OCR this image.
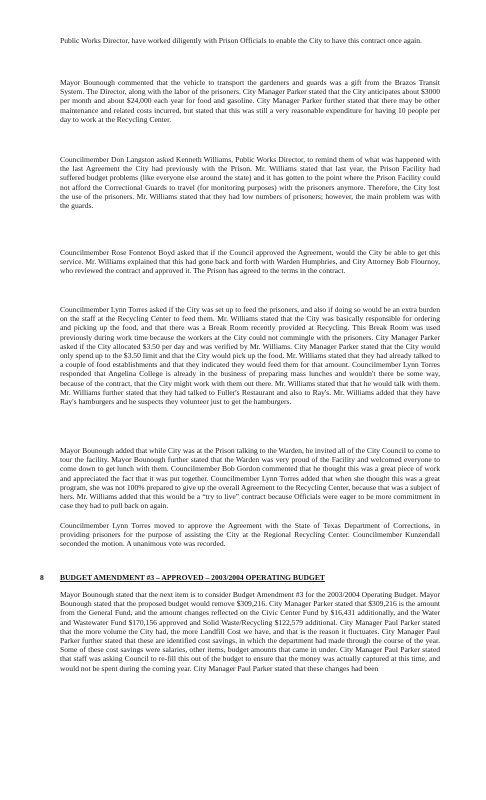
Public Works Director, have worked diligently with Prison Officials to enable the City to have this contract once again.
Mayor Bounough commented that the vehicle to transport the gardeners and guards was a gift from the Brazos Transit System. The Director, along with the labor of the prisoners. City Manager Parker stated that the City anticipates about $3000 per month and about $24,000 each year for food and gasoline. City Manager Parker further stated that there may be other maintenance and related costs incurred, but stated that this was still a very reasonable expenditure for having 10 people per day to work at the Recycling Center.
Councilmember Don Langston asked Kenneth Williams, Public Works Director, to remind them of what was happened with the last Agreement the City had previously with the Prison. Mr. Williams stated that last year, the Prison Facility had suffered budget problems (like everyone else around the state) and it has gotten to the point where the Prison Facility could not afford the Correctional Guards to travel (for monitoring purposes) with the prisoners anymore. Therefore, the City lost the use of the prisoners. Mr. Williams stated that they had low numbers of prisoners; however, the main problem was with the guards.
Councilmember Rose Fontenot Boyd asked that if the Council approved the Agreement, would the City be able to get this service. Mr. Williams explained that this had gone back and forth with Warden Humphries, and City Attorney Bob Flournoy, who reviewed the contract and approved it. The Prison has agreed to the terms in the contract.
Councilmember Lynn Torres asked if the City was set up to feed the prisoners, and also if doing so would be an extra burden on the staff at the Recycling Center to feed them. Mr. Williams stated that the City was basically responsible for ordering and picking up the food, and that there was a Break Room recently provided at Recycling. This Break Room was used previously during work time because the workers at the City could not commingle with the prisoners. City Manager Parker asked if the City allocated $3.50 per day and was verified by Mr. Williams. City Manager Parker stated that the City would only spend up to the $3.50 limit and that the City would pick up the food. Mr. Williams stated that they had already talked to a couple of food establishments and that they indicated they would feed them for that amount. Councilmember Lynn Torres responded that Angelina College is already in the business of preparing mass lunches and wouldn't there be some way, because of the contract, that the City might work with them out there. Mr. Williams stated that that he would talk with them. Mr. Williams further stated that they had talked to Fuller's Restaurant and also to Ray's. Mr. Williams added that they have Ray's hamburgers and he suspects they volunteer just to get the hamburgers.
Mayor Bounough added that while City was at the Prison talking to the Warden, he invited all of the City Council to come to tour the facility. Mayor Bounough further stated that the Warden was very proud of the Facility and welcomed everyone to come down to get lunch with them. Councilmember Bob Gordon commented that he thought this was a great piece of work and appreciated the fact that it was put together. Councilmember Lynn Torres added that when she thought this was a great program, she was not 100% prepared to give up the overall Agreement to the Recycling Center, because that was a subject of hers. Mr. Williams added that this would be a “try to live” contract because Officials were eager to be more commitment in case they had to pull back on again.
Councilmember Lynn Torres moved to approve the Agreement with the State of Texas Department of Corrections, in providing prisoners for the purpose of assisting the City at the Regional Recycling Center. Councilmember Kunzendall seconded the motion. A unanimous vote was recorded.
8 BUDGET AMENDMENT #3 – APPROVED – 2003/2004 OPERATING BUDGET
Mayor Bounough stated that the next item is to consider Budget Amendment #3 for the 2003/2004 Operating Budget. Mayor Bounough stated that the proposed budget would remove $309,216. City Manager Parker stated that $309,216 is the amount from the General Fund, and the amount changes reflected on the Civic Center Fund by $16,431 additionally, and the Water and Wastewater Fund $170,156 approved and Solid Waste/Recycling $122,579 additional. City Manager Paul Parker stated that the more volume the City had, the more Landfill Cost we have, and that is the reason it fluctuates. City Manager Paul Parker further stated that these are identified cost savings, in which the department had made through the course of the year. Some of these cost savings were salaries, other items, budget amounts that came in under. City Manager Paul Parker stated that staff was asking Council to re-fill this out of the budget to ensure that the money was actually captured at this time, and would not be spent during the coming year. City Manager Paul Parker stated that these changes had been
